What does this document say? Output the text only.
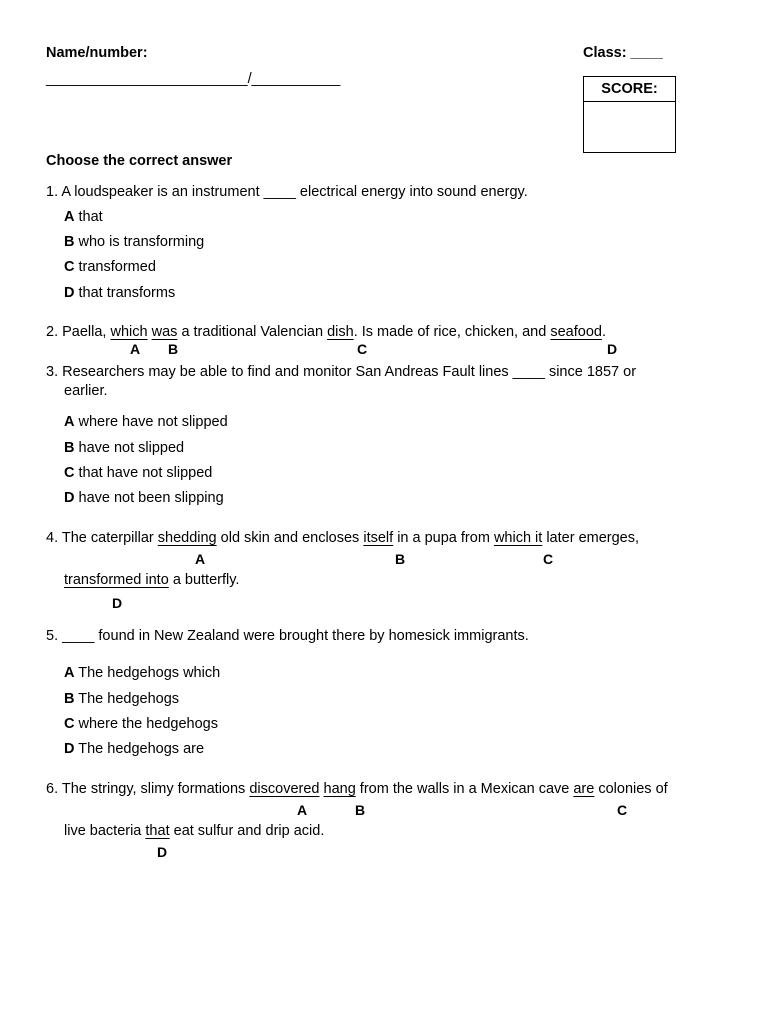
Name/number:	Class: ____
_________________________/___________
SCORE:
Choose the correct answer
1. A loudspeaker is an instrument ____ electrical energy into sound energy.
A that
B who is transforming
C transformed
D that transforms
2. Paella, which was a traditional Valencian dish. Is made of rice, chicken, and seafood.
A B	C	D
3. Researchers may be able to find and monitor San Andreas Fault lines ____ since 1857 or
earlier.
A where have not slipped
B have not slipped
C that have not slipped
D have not been slipping
4. The caterpillar shedding old skin and encloses itself in a pupa from which it later emerges,
A	B	C
transformed into a butterfly.
D
5. ____ found in New Zealand were brought there by homesick immigrants.
A The hedgehogs which
B The hedgehogs
C where the hedgehogs
D The hedgehogs are
6. The stringy, slimy formations discovered hang from the walls in a Mexican cave are colonies of
A	B	C
live bacteria that eat sulfur and drip acid.
D
